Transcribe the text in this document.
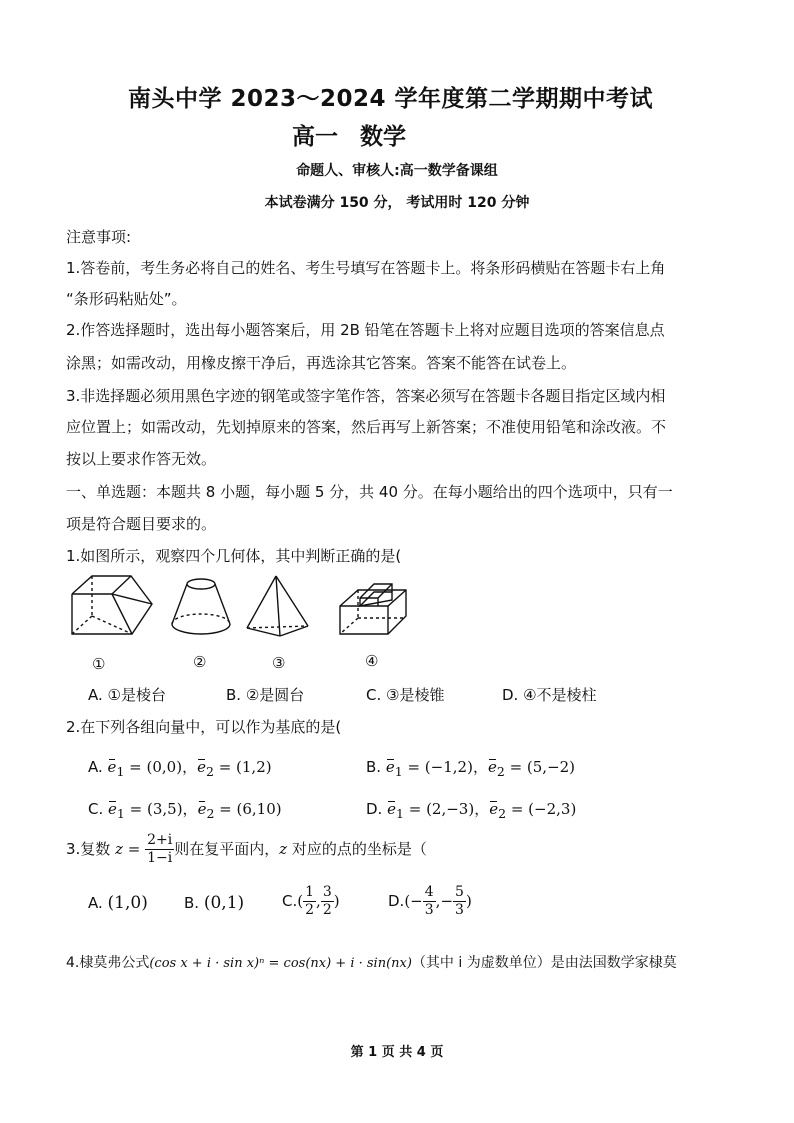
南头中学 2023～2024 学年度第二学期期中考试
高一 数学
命题人、审核人:高一数学备课组
本试卷满分 150 分， 考试用时 120 分钟
注意事项:
1.答卷前，考生务必将自己的姓名、考生号填写在答题卡上。将条形码横贴在答题卡右上角
“条形码粘贴处”。
2.作答选择题时，选出每小题答案后，用 2B 铅笔在答题卡上将对应题目选项的答案信息点
涂黑；如需改动，用橡皮擦干净后，再选涂其它答案。答案不能答在试卷上。
3.非选择题必须用黑色字迹的钢笔或签字笔作答，答案必须写在答题卡各题目指定区域内相
应位置上；如需改动，先划掉原来的答案，然后再写上新答案；不准使用铅笔和涂改液。不
按以上要求作答无效。
一、单选题：本题共 8 小题，每小题 5 分，共 40 分。在每小题给出的四个选项中，只有一
项是符合题目要求的。
1.如图所示，观察四个几何体，其中判断正确的是(
①	②	③	④
A. ①是棱台	B. ②是圆台	C. ③是棱锥	D. ④不是棱柱
2.在下列各组向量中，可以作为基底的是(
A. $e_1 = (0,0)$，$e_2 = (1,2)$	B. $e_1 = (-1,2)$，$e_2 = (5,-2)$
C. $e_1 = (3,5)$，$e_2 = (6,10)$	D. $e_1 = (2,-3)$，$e_2 = (-2,3)$
3.复数 $z = \frac{2+i}{1-i}$ 则在复平面内，z 对应的点的坐标是（
A. (1,0) B. (0,1)	$C.( \frac{1}{2}$ , $\frac{3}{2}$ )	$D.(- \frac{4}{3}$ ,− $\frac{5}{3}$ )
4.棣莫弗公式(cos x + i · sin x)ⁿ = cos(nx) + i · sin(nx)（其中 i 为虚数单位）是由法国数学家棣莫
第 1 页 共 4 页
